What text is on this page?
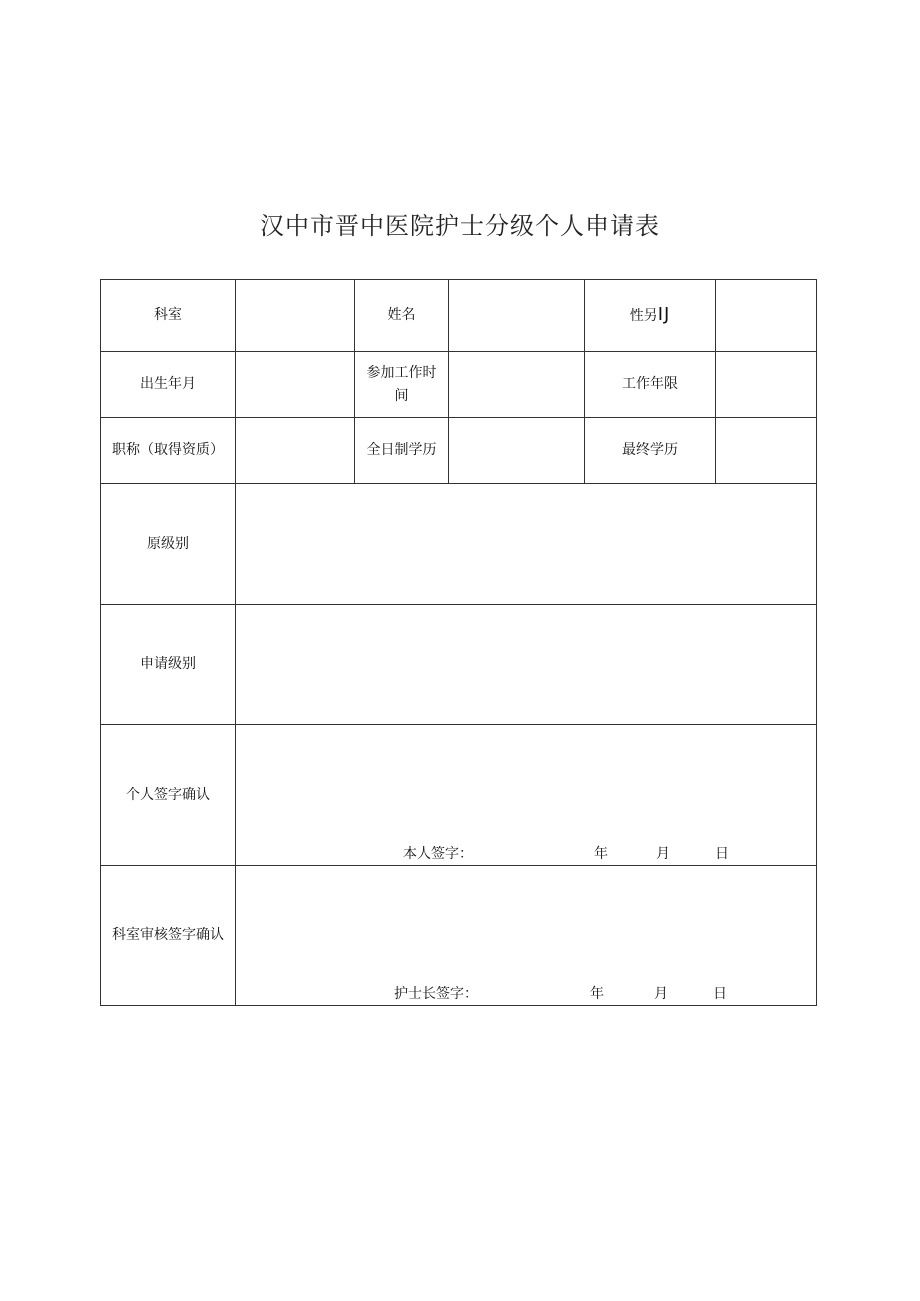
汉中市晋中医院护士分级个人申请表
科室		姓名		性另IJ	
出生年月		参加工作时间		工作年限	
职称（取得资质）		全日制学历		最终学历	
原级别					
申请级别					
个人签字确认	本人签字： 年 月 日				

科室审核签字确认	护士长签字： 年 月 日				
